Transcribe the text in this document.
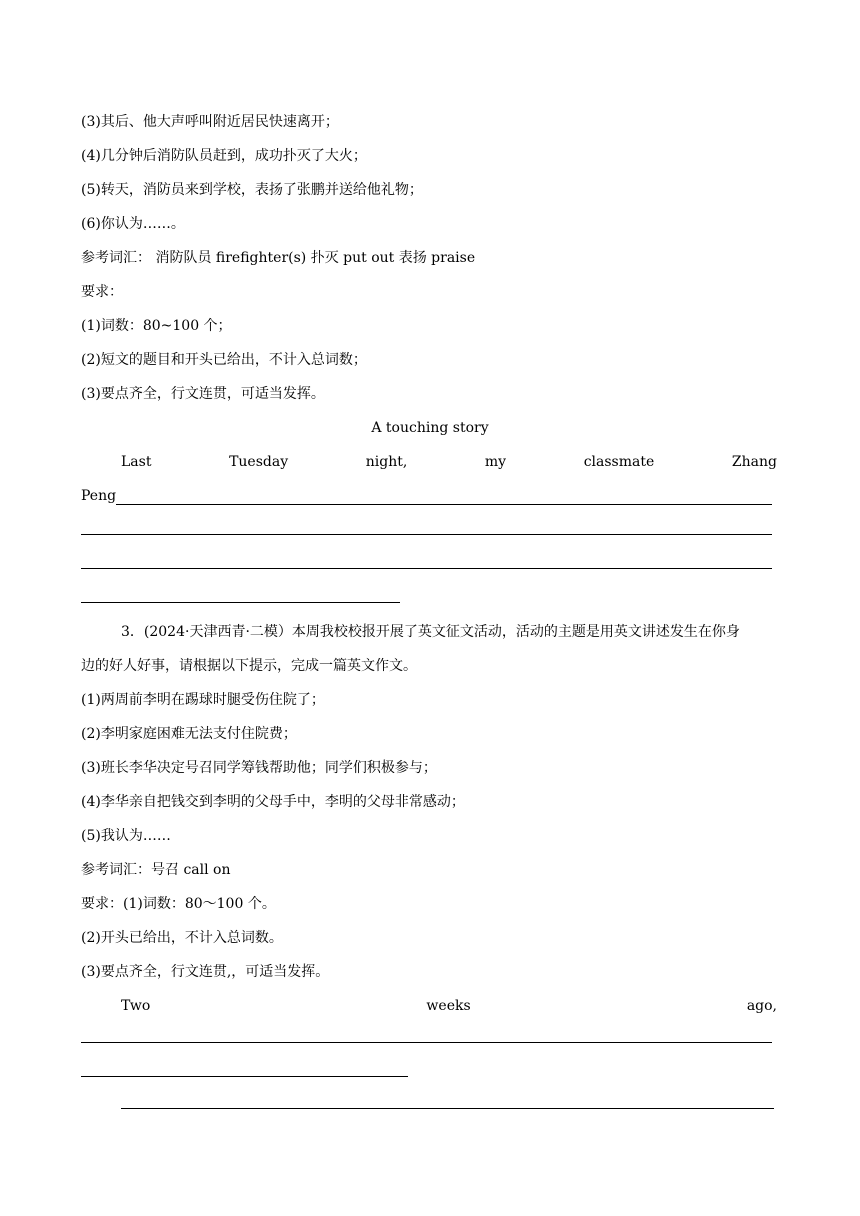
(3)其后、他大声呼叫附近居民快速离开；
(4)几分钟后消防队员赶到，成功扑灭了大火；
(5)转天，消防员来到学校，表扬了张鹏并送给他礼物；
(6)你认为……。
参考词汇： 消防队员 firefighter(s) 扑灭 put out 表扬 praise
要求：
(1)词数：80~100 个；
(2)短文的题目和开头已给出，不计入总词数；
(3)要点齐全，行文连贯，可适当发挥。
A touching story
Last	Tuesday	night,	my	classmate	Zhang
Peng
3．(2024·天津西青·二模）本周我校校报开展了英文征文活动，活动的主题是用英文讲述发生在你身
边的好人好事，请根据以下提示，完成一篇英文作文。
(1)两周前李明在踢球时腿受伤住院了；
(2)李明家庭困难无法支付住院费；
(3)班长李华决定号召同学筹钱帮助他；同学们积极参与；
(4)李华亲自把钱交到李明的父母手中，李明的父母非常感动；
(5)我认为……
参考词汇：号召 call on
要求：(1)词数：80～100 个。
(2)开头已给出，不计入总词数。
(3)要点齐全，行文连贯,，可适当发挥。
Two	weeks	ago,
